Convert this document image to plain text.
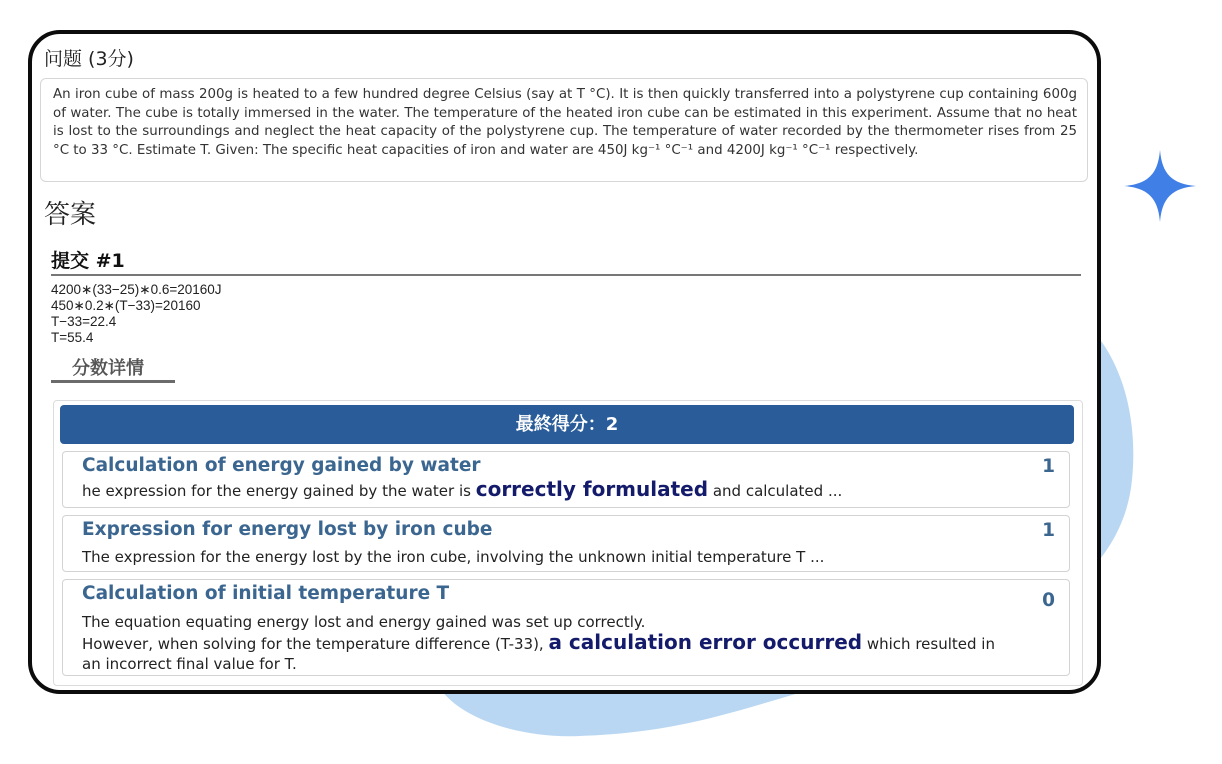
问题 (3分)
An iron cube of mass 200g is heated to a few hundred degree Celsius (say at T °C). It is then quickly transferred into a polystyrene cup containing 600g of water. The cube is totally immersed in the water. The temperature of the heated iron cube can be estimated in this experiment. Assume that no heat is lost to the surroundings and neglect the heat capacity of the polystyrene cup. The temperature of water recorded by the thermometer rises from 25 °C to 33 °C. Estimate T. Given: The specific heat capacities of iron and water are 450J kg⁻¹ °C⁻¹ and 4200J kg⁻¹ °C⁻¹ respectively.
答案
提交 #1
4200∗(33−25)∗0.6=20160J
450∗0.2∗(T−33)=20160
T−33=22.4
T=55.4
分数详情
最終得分：2
Calculation of energy gained by water	1
he expression for the energy gained by the water is correctly formulated and calculated ...
Expression for energy lost by iron cube	1
The expression for the energy lost by the iron cube, involving the unknown initial temperature T ...
Calculation of initial temperature T	0
The equation equating energy lost and energy gained was set up correctly.
However, when solving for the temperature difference (T-33), a calculation error occurred which resulted in
an incorrect final value for T.
